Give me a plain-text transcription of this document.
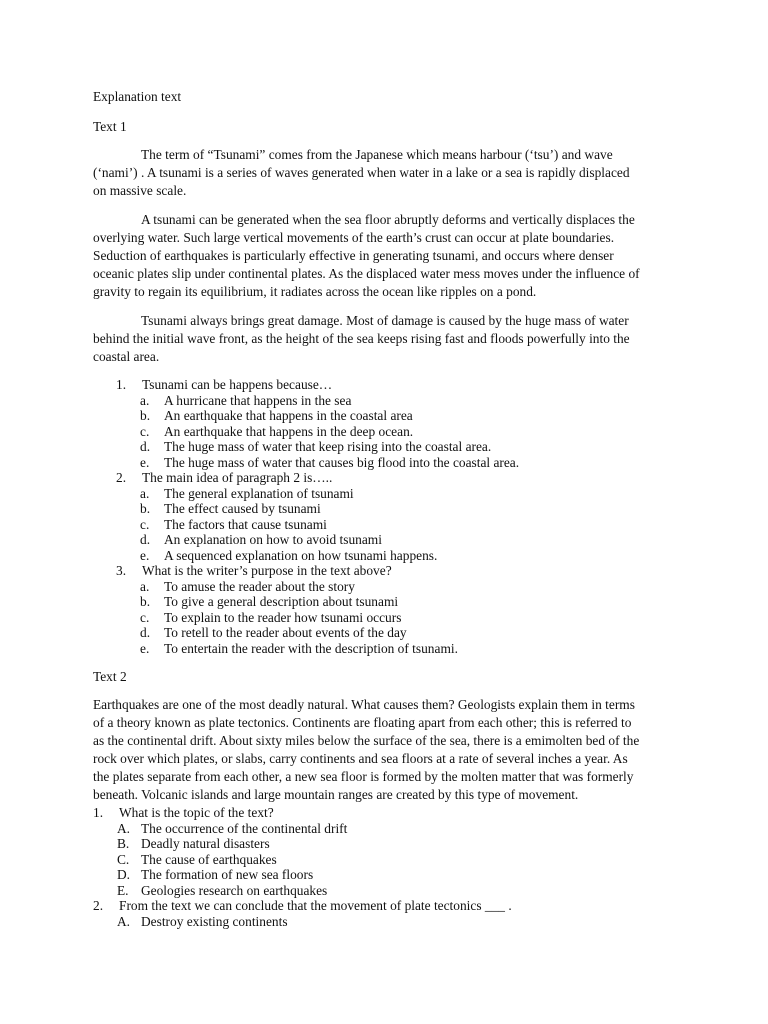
Explanation text

Text 1

The term of “Tsunami” comes from the Japanese which means harbour (‘tsu’) and wave
(‘nami’) . A tsunami is a series of waves generated when water in a lake or a sea is rapidly displaced
on massive scale.
A tsunami can be generated when the sea floor abruptly deforms and vertically displaces the
overlying water. Such large vertical movements of the earth’s crust can occur at plate boundaries.
Seduction of earthquakes is particularly effective in generating tsunami, and occurs where denser
oceanic plates slip under continental plates. As the displaced water mess moves under the influence of
gravity to regain its equilibrium, it radiates across the ocean like ripples on a pond.
Tsunami always brings great damage. Most of damage is caused by the huge mass of water
behind the initial wave front, as the height of the sea keeps rising fast and floods powerfully into the
coastal area.
1.	Tsunami can be happens because…
a.	A hurricane that happens in the sea
b.	An earthquake that happens in the coastal area
c.	An earthquake that happens in the deep ocean.
d.	The huge mass of water that keep rising into the coastal area.
e.	The huge mass of water that causes big flood into the coastal area.
2.	The main idea of paragraph 2 is…..
a.	The general explanation of tsunami
b.	The effect caused by tsunami
c.	The factors that cause tsunami
d.	An explanation on how to avoid tsunami
e.	A sequenced explanation on how tsunami happens.
3.	What is the writer’s purpose in the text above?
a.	To amuse the reader about the story
b.	To give a general description about tsunami
c.	To explain to the reader how tsunami occurs
d.	To retell to the reader about events of the day
e.	To entertain the reader with the description of tsunami.

Text 2

Earthquakes are one of the most deadly natural. What causes them? Geologists explain them in terms
of a theory known as plate tectonics. Continents are floating apart from each other; this is referred to
as the continental drift. About sixty miles below the surface of the sea, there is a emimolten bed of the
rock over which plates, or slabs, carry continents and sea floors at a rate of several inches a year. As
the plates separate from each other, a new sea floor is formed by the molten matter that was formerly
beneath. Volcanic islands and large mountain ranges are created by this type of movement.
1.	What is the topic of the text?
A. The occurrence of the continental drift
B. Deadly natural disasters
C. The cause of earthquakes
D. The formation of new sea floors
E. Geologies research on earthquakes
2.	From the text we can conclude that the movement of plate tectonics ___ .
A. Destroy existing continents
